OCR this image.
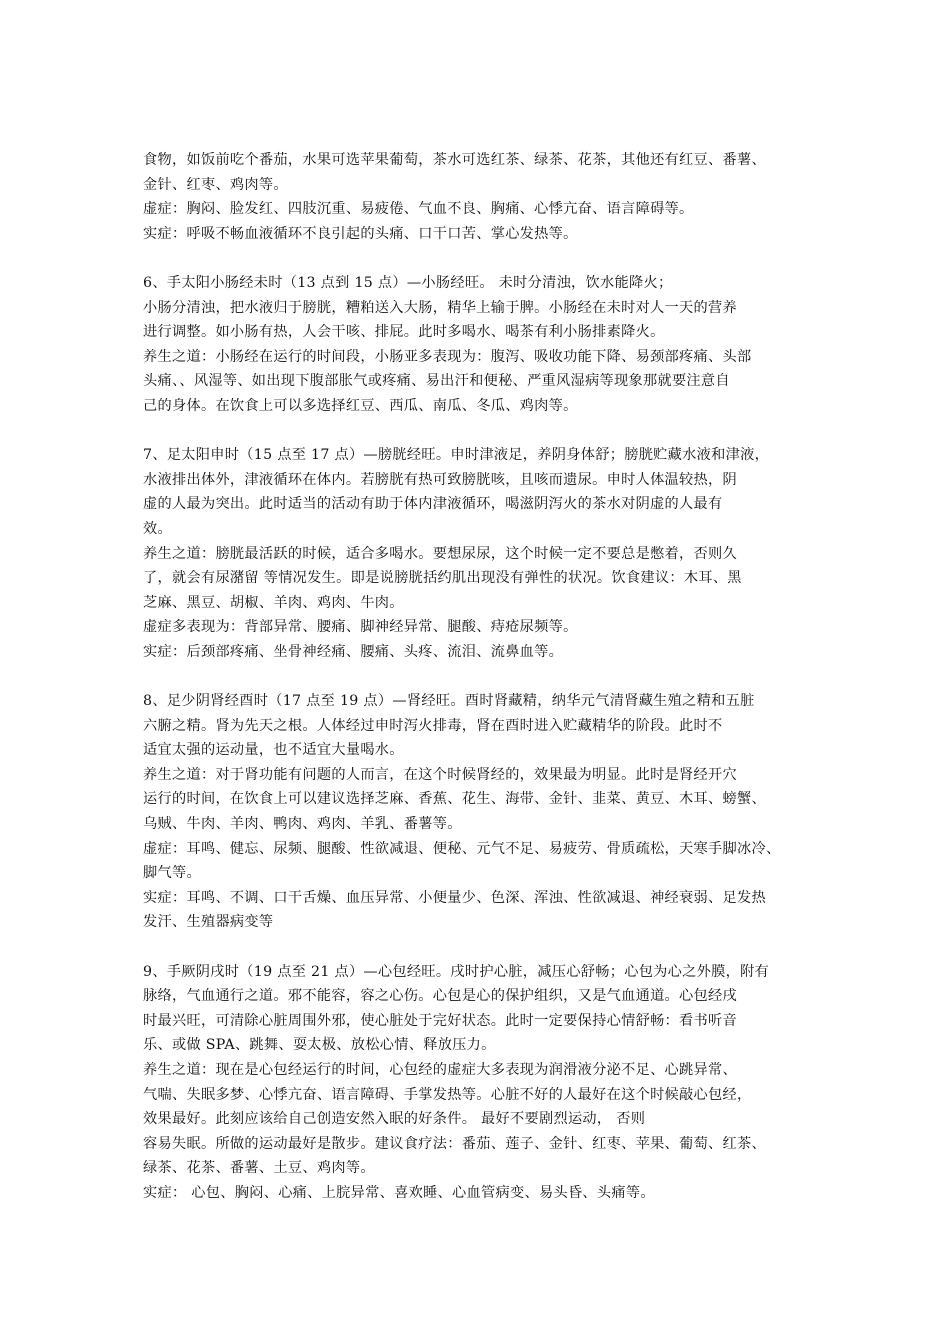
食物，如饭前吃个番茄，水果可选苹果葡萄，茶水可选红茶、绿茶、花茶，其他还有红豆、番薯、

金针、红枣、鸡肉等。

虚症：胸闷、脸发红、四肢沉重、易疲倦、气血不良、胸痛、心悸亢奋、语言障碍等。

实症：呼吸不畅血液循环不良引起的头痛、口干口苦、掌心发热等。

6、手太阳小肠经未时（13 点到 15 点）—小肠经旺。 未时分清浊，饮水能降火；

小肠分清浊，把水液归于膀胱，糟粕送入大肠，精华上输于脾。小肠经在未时对人一天的营养

进行调整。如小肠有热，人会干咳、排屁。此时多喝水、喝茶有利小肠排素降火。

养生之道：小肠经在运行的时间段，小肠亚多表现为：腹泻、吸收功能下降、易颈部疼痛、头部

头痛、、风湿等、如出现下腹部胀气或疼痛、易出汗和便秘、严重风湿病等现象那就要注意自

己的身体。在饮食上可以多选择红豆、西瓜、南瓜、冬瓜、鸡肉等。

7、足太阳申时（15 点至 17 点）—膀胱经旺。申时津液足，养阴身体舒；膀胱贮藏水液和津液，

水液排出体外，津液循环在体内。若膀胱有热可致膀胱咳，且咳而遗尿。申时人体温较热，阴

虚的人最为突出。此时适当的活动有助于体内津液循环，喝滋阴泻火的茶水对阴虚的人最有

效。

养生之道：膀胱最活跃的时候，适合多喝水。要想尿尿，这个时候一定不要总是憋着，否则久

了，就会有尿潴留 等情况发生。即是说膀胱括约肌出现没有弹性的状况。饮食建议：木耳、黑

芝麻、黑豆、胡椒、羊肉、鸡肉、牛肉。

虚症多表现为：背部异常、腰痛、脚神经异常、腿酸、痔疮尿频等。

实症：后颈部疼痛、坐骨神经痛、腰痛、头疼、流泪、流鼻血等。

8、足少阴肾经酉时（17 点至 19 点）—肾经旺。酉时肾藏精，纳华元气清肾藏生殖之精和五脏

六腑之精。肾为先天之根。人体经过申时泻火排毒，肾在酉时进入贮藏精华的阶段。此时不

适宜太强的运动量，也不适宜大量喝水。

养生之道：对于肾功能有问题的人而言，在这个时候肾经的，效果最为明显。此时是肾经开穴

运行的时间，在饮食上可以建议选择芝麻、香蕉、花生、海带、金针、韭菜、黄豆、木耳、螃蟹、

乌贼、牛肉、羊肉、鸭肉、鸡肉、羊乳、番薯等。

虚症：耳鸣、健忘、尿频、腿酸、性欲减退、便秘、元气不足、易疲劳、骨质疏松，天寒手脚冰冷、

脚气等。

实症：耳鸣、不调、口干舌燥、血压异常、小便量少、色深、浑浊、性欲减退、神经衰弱、足发热

发汗、生殖器病变等

9、手厥阴戌时（19 点至 21 点）—心包经旺。戌时护心脏，减压心舒畅；心包为心之外膜，附有

脉络，气血通行之道。邪不能容，容之心伤。心包是心的保护组织，又是气血通道。心包经戌

时最兴旺，可清除心脏周围外邪，使心脏处于完好状态。此时一定要保持心情舒畅：看书听音

乐、或做 SPA、跳舞、耍太极、放松心情、释放压力。

养生之道：现在是心包经运行的时间，心包经的虚症大多表现为润滑液分泌不足、心跳异常、

气喘、失眠多梦、心悸亢奋、语言障碍、手掌发热等。心脏不好的人最好在这个时候敲心包经，

效果最好。此刻应该给自己创造安然入眠的好条件。 最好不要剧烈运动， 否则

容易失眠。所做的运动最好是散步。建议食疗法：番茄、莲子、金针、红枣、苹果、葡萄、红茶、

绿茶、花茶、番薯、土豆、鸡肉等。

实症： 心包、胸闷、心痛、上脘异常、喜欢睡、心血管病变、易头昏、头痛等。
